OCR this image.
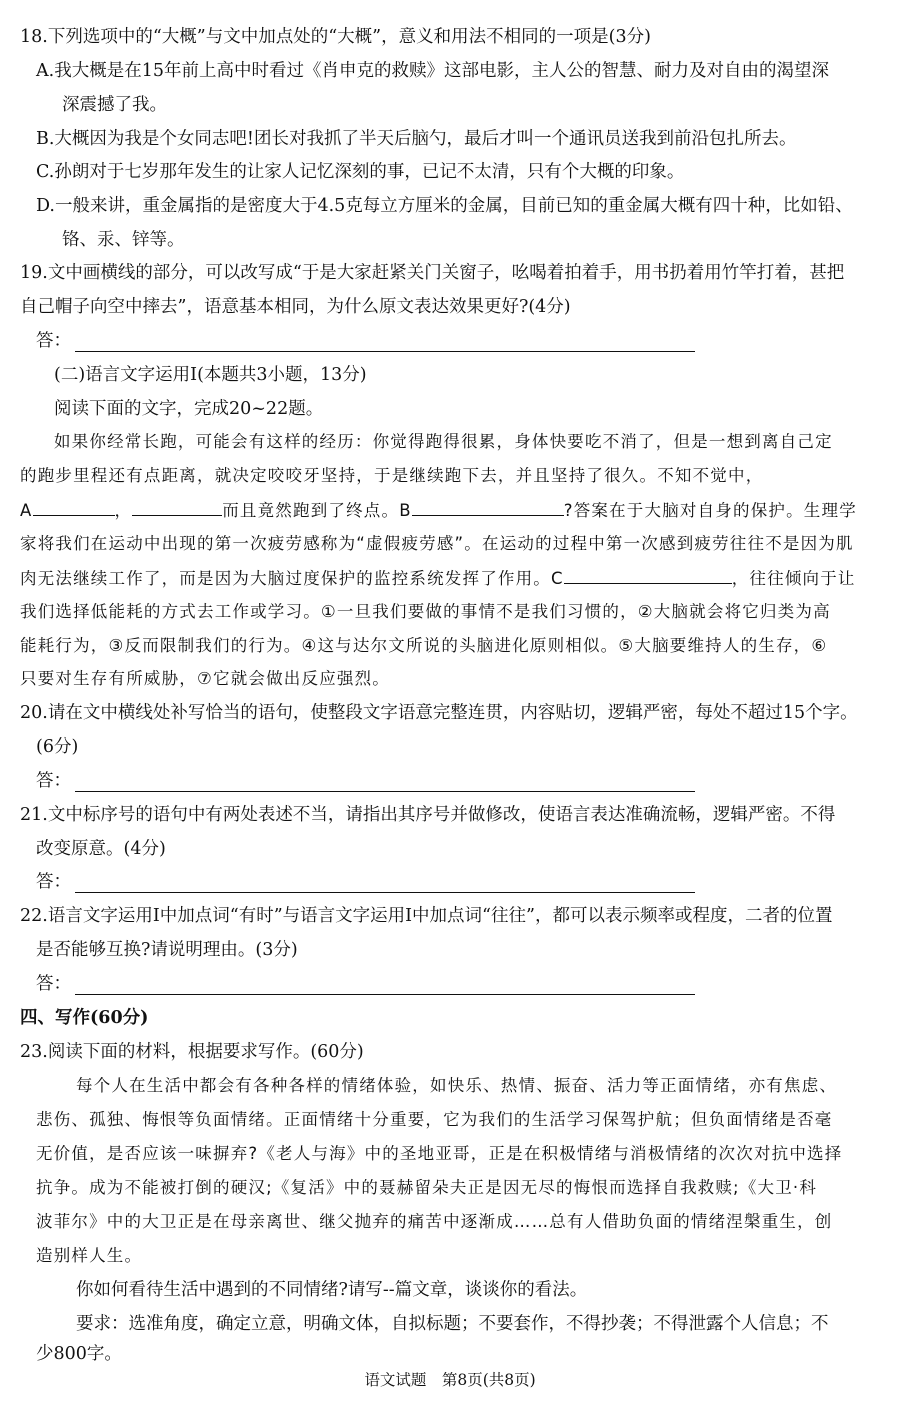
18.下列选项中的“大概”与文中加点处的“大概”，意义和用法不相同的一项是(3分)
A.我大概是在15年前上高中时看过《肖申克的救赎》这部电影，主人公的智慧、耐力及对自由的渴望深
深震撼了我。
B.大概因为我是个女同志吧!团长对我抓了半天后脑勺，最后才叫一个通讯员送我到前沿包扎所去。
C.孙朗对于七岁那年发生的让家人记忆深刻的事，已记不太清，只有个大概的印象。
D.一般来讲，重金属指的是密度大于4.5克每立方厘米的金属，目前已知的重金属大概有四十种，比如铅、
铬、汞、锌等。
19.文中画横线的部分，可以改写成“于是大家赶紧关门关窗子，吆喝着拍着手，用书扔着用竹竿打着，甚把
自己帽子向空中摔去”，语意基本相同，为什么原文表达效果更好?(4分)
答：
(二)语言文字运用Ⅰ(本题共3小题，13分)
阅读下面的文字，完成20~22题。
如果你经常长跑，可能会有这样的经历：你觉得跑得很累，身体快要吃不消了，但是一想到离自己定
的跑步里程还有点距离，就决定咬咬牙坚持，于是继续跑下去，并且坚持了很久。不知不觉中，
A	，	而且竟然跑到了终点。B	?答案在于大脑对自身的保护。生理学
家将我们在运动中出现的第一次疲劳感称为“虚假疲劳感”。在运动的过程中第一次感到疲劳往往不是因为肌
肉无法继续工作了，而是因为大脑过度保护的监控系统发挥了作用。C	，往往倾向于让
我们选择低能耗的方式去工作或学习。①一旦我们要做的事情不是我们习惯的，②大脑就会将它归类为高
能耗行为，③反而限制我们的行为。④这与达尔文所说的头脑进化原则相似。⑤大脑要维持人的生存，⑥
只要对生存有所威胁，⑦它就会做出反应强烈。
20.请在文中横线处补写恰当的语句，使整段文字语意完整连贯，内容贴切，逻辑严密，每处不超过15个字。
(6分)
答：
21.文中标序号的语句中有两处表述不当，请指出其序号并做修改，使语言表达准确流畅，逻辑严密。不得
改变原意。(4分)
答：
22.语言文字运用Ⅰ中加点词“有时”与语言文字运用Ⅰ中加点词“往往”，都可以表示频率或程度，二者的位置
是否能够互换?请说明理由。(3分)
答：
四、写作(60分)
23.阅读下面的材料，根据要求写作。(60分)
每个人在生活中都会有各种各样的情绪体验，如快乐、热情、振奋、活力等正面情绪，亦有焦虑、
悲伤、孤独、悔恨等负面情绪。正面情绪十分重要，它为我们的生活学习保驾护航；但负面情绪是否毫
无价值，是否应该一味摒弃?《老人与海》中的圣地亚哥，正是在积极情绪与消极情绪的次次对抗中选择
抗争。成为不能被打倒的硬汉;《复活》中的聂赫留朵夫正是因无尽的悔恨而选择自我救赎;《大卫·科
波菲尔》中的大卫正是在母亲离世、继父抛弃的痛苦中逐渐成……总有人借助负面的情绪涅槃重生，创
造别样人生。
你如何看待生活中遇到的不同情绪?请写--篇文章，谈谈你的看法。
要求：选准角度，确定立意，明确文体，自拟标题；不要套作，不得抄袭；不得泄露个人信息；不
少800字。
语文试题　第8页(共8页)
